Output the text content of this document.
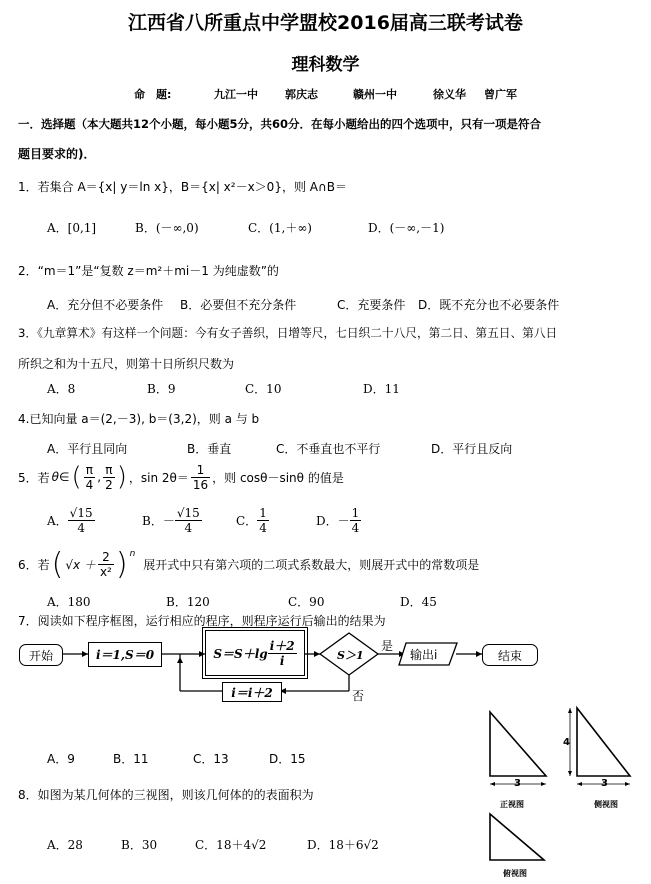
江西省八所重点中学盟校2016届高三联考试卷
理科数学
命　题:	九江一中 郭庆志	赣州一中	徐义华 曾广军
一．选择题（本大题共12个小题，每小题5分，共60分．在每小题给出的四个选项中，只有一项是符合
题目要求的)．
1．若集合 A＝{x| y＝ln x}，B＝{x| x²－x＞0}，则 A∩B＝
A．[0,1]	B．(－∞,0)	C．(1,＋∞)	D．(－∞,－1)
2．“m＝1”是“复数 z＝m²＋mi－1 为纯虚数”的
A．充分但不必要条件 B．必要但不充分条件	C．充要条件 D．既不充分也不必要条件
3．《九章算术》有这样一个问题：今有女子善织，日增等尺，七日织二十八尺，第二日、第五日、第八日
所织之和为十五尺，则第十日所织尺数为
A．8	B．9	C．10	D．11
4.已知向量 a＝(2,－3), b＝(3,2)，则 a 与 b
A．平行且同向	B．垂直	C．不垂直也不平行	D．平行且反向
5．若 θ∈ ( $\frac{\pi}{4}$ , $\frac{\pi}{2}$ ) ，$\sin 2\theta= \frac{1}{16}$ ，则 cosθ－sinθ 的值是
A． $\frac{√15}{4}$	B．－ $\frac{√15}{4}$	C． $\frac{1}{4}$	D．－ $\frac{1}{4}$
6．若 ( $√x + \frac{2}{\text{x²}} )^n$
展开式中只有第六项的二项式系数最大，则展开式中的常数项是
A．180	B．120	C．90	D．45
7．阅读如下程序框图，运行相应的程序，则程序运行后输出的结果为
开始	i＝1,S＝0	$S=S+\lg \frac{i+2}{i}$	S＞1
是
输出i	结束
i＝i＋2	否
A．9	B．11	C．13	D．15
8．如图为某几何体的三视图，则该几何体的的表面积为
A．28	B．30	C．18＋4√2	D．18＋6√2
3	3
4
正视图	侧视图
俯视图
